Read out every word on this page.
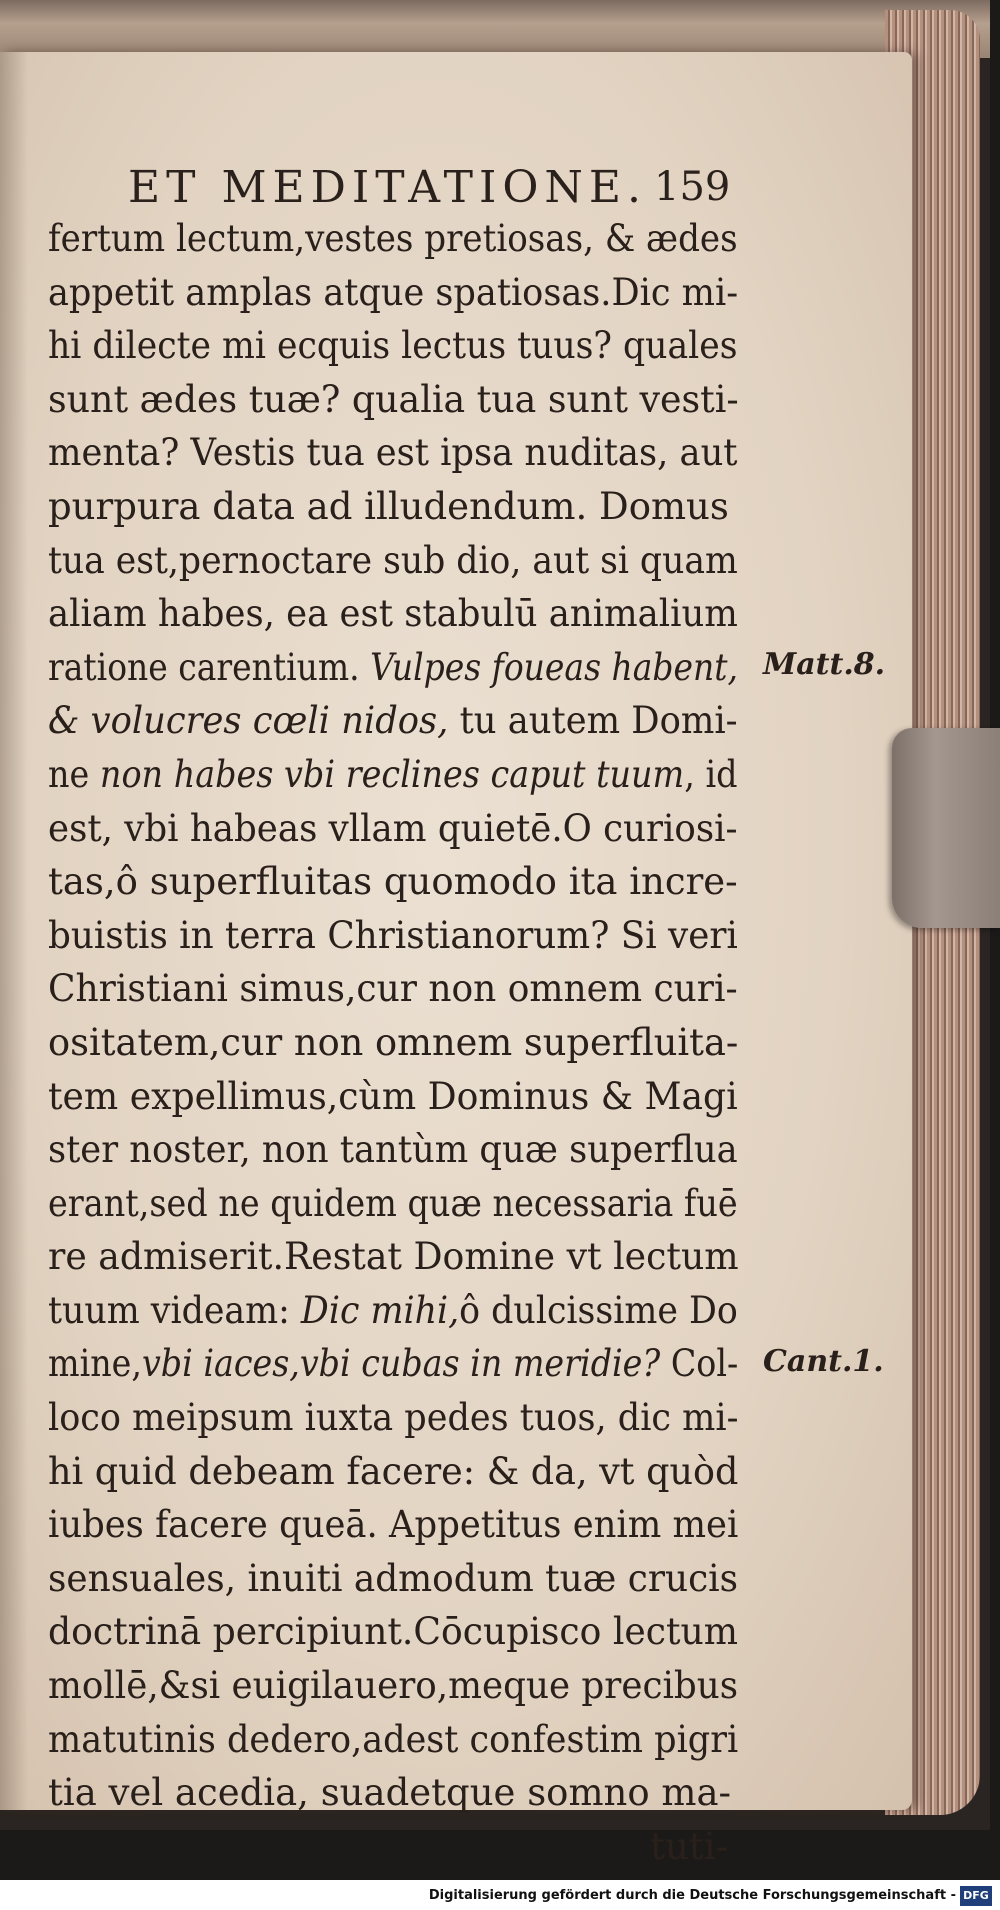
ET MEDITATIONE. 159
fertum lectum,vestes pretiosas, & ædes
appetit amplas atque spatiosas.Dic mi-
hi dilecte mi ecquis lectus tuus? quales
sunt ædes tuæ? qualia tua sunt vesti-
menta? Vestis tua est ipsa nuditas, aut
purpura data ad illudendum. Domus
tua est,pernoctare sub dio, aut si quam
aliam habes, ea est stabulū animalium
ratione carentium. Vulpes foueas habent,
& volucres cœli nidos, tu autem Domi-
ne non habes vbi reclines caput tuum, id
est, vbi habeas vllam quietē.O curiosi-
tas,ô superfluitas quomodo ita incre-
buistis in terra Christianorum? Si veri
Christiani simus,cur non omnem curi-
ositatem,cur non omnem superfluita-
tem expellimus,cùm Dominus & Magi
ster noster, non tantùm quæ superflua
erant,sed ne quidem quæ necessaria fuē
re admiserit.Restat Domine vt lectum
tuum videam: Dic mihi,ô dulcissime Do
mine,vbi iaces,vbi cubas in meridie? Col-
loco meipsum iuxta pedes tuos, dic mi-
hi quid debeam facere: & da, vt quòd
iubes facere queā. Appetitus enim mei
sensuales, inuiti admodum tuæ crucis
doctrinā percipiunt.Cōcupisco lectum
mollē,&si euigilauero,meque precibus
matutinis dedero,adest confestim pigri
tia vel acedia, suadetque somno ma-
tuti-
Matt.8.
Cant.1.
Digitalisierung gefördert durch die Deutsche Forschungsgemeinschaft - DFG
